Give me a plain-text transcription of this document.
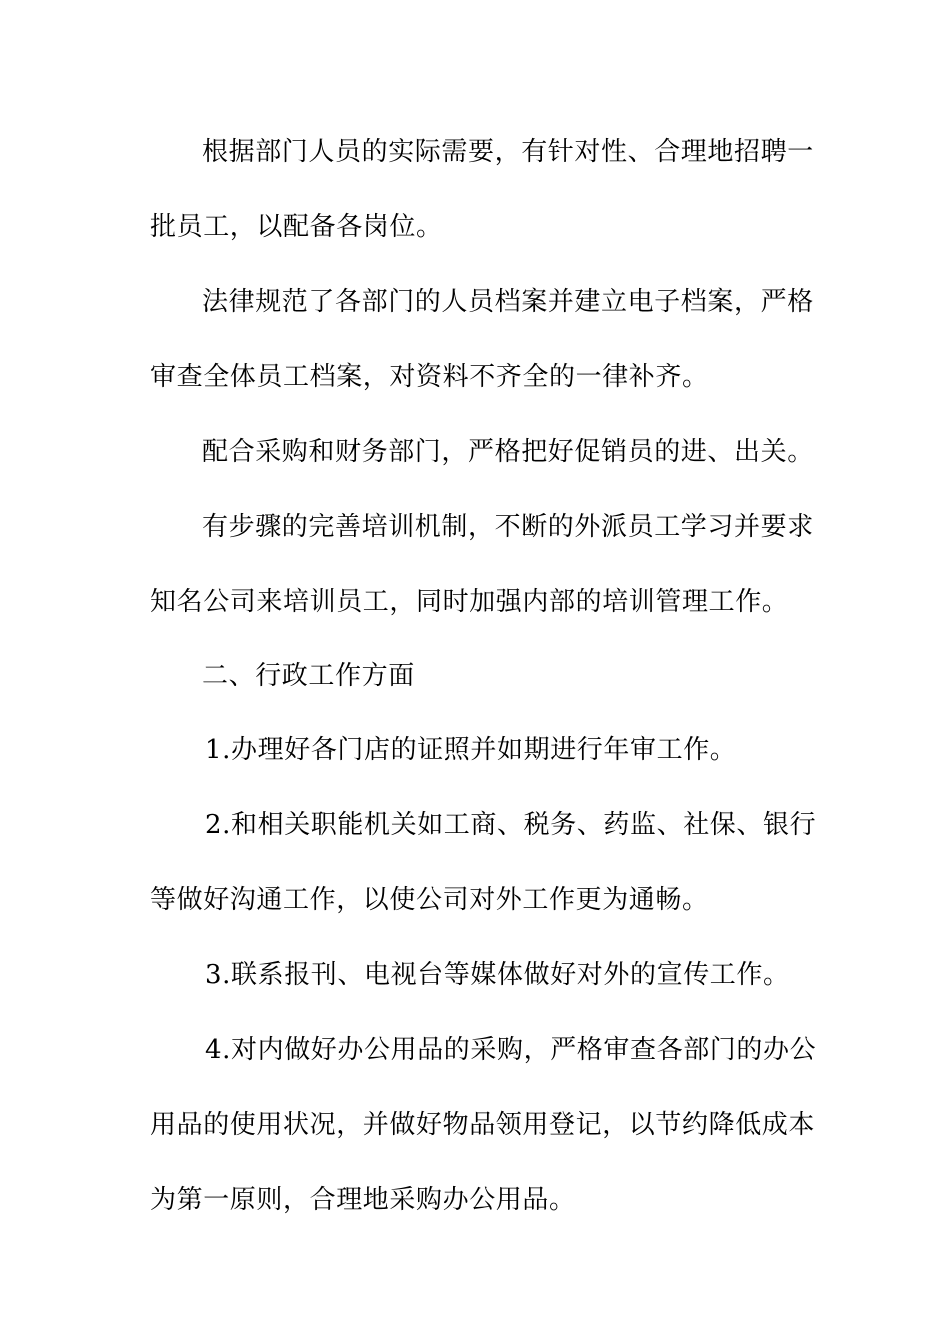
根据部门人员的实际需要，有针对性、合理地招聘一
批员工，以配备各岗位。
法律规范了各部门的人员档案并建立电子档案，严格
审查全体员工档案，对资料不齐全的一律补齐。
配合采购和财务部门，严格把好促销员的进、出关。
有步骤的完善培训机制，不断的外派员工学习并要求
知名公司来培训员工，同时加强内部的培训管理工作。
二、行政工作方面
1.办理好各门店的证照并如期进行年审工作。
2.和相关职能机关如工商、税务、药监、社保、银行
等做好沟通工作，以使公司对外工作更为通畅。
3.联系报刊、电视台等媒体做好对外的宣传工作。
4.对内做好办公用品的采购，严格审查各部门的办公
用品的使用状况，并做好物品领用登记，以节约降低成本
为第一原则，合理地采购办公用品。
